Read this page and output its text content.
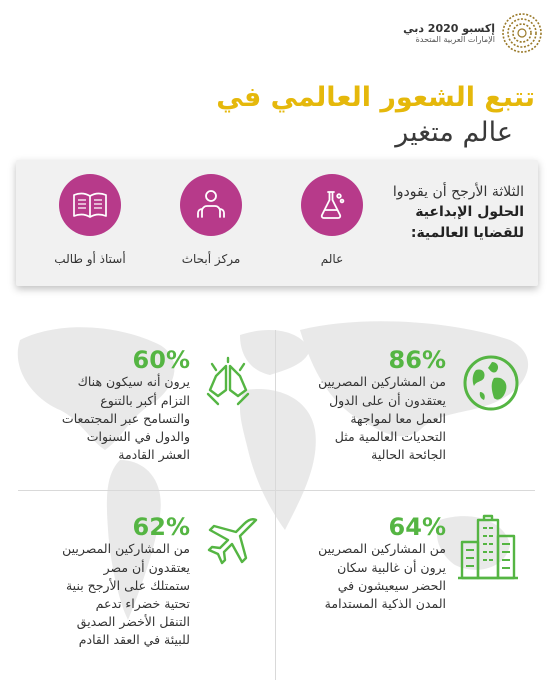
إكسبو 2020 دبي
الإمارات العربية المتحدة
تتبع الشعور العالمي في
عالم متغير
الثلاثة الأرجح أن يقودوا
الحلول الإبداعية
للقضايا العالمية:
عالم
مركز أبحاث
أستاذ أو طالب
86%
من المشاركين المصريين
يعتقدون أن على الدول
العمل معا لمواجهة
التحديات العالمية مثل
الجائحة الحالية
60%
يرون أنه سيكون هناك
التزام أكبر بالتنوع
والتسامح عبر المجتمعات
والدول في السنوات
العشر القادمة
64%
من المشاركين المصريين
يرون أن غالبية سكان
الحضر سيعيشون في
المدن الذكية المستدامة
62%
من المشاركين المصريين
يعتقدون أن مصر
ستمتلك على الأرجح بنية
تحتية خضراء تدعم
التنقل الأخضر الصديق
للبيئة في العقد القادم
